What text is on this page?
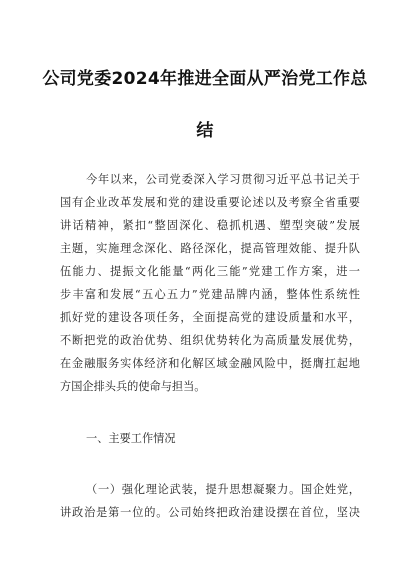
公司党委2024年推进全面从严治党工作总
结
今年以来，公司党委深入学习贯彻习近平总书记关于
国有企业改革发展和党的建设重要论述以及考察全省重要
讲话精神，紧扣“整固深化、稳抓机遇、塑型突破”发展
主题，实施理念深化、路径深化，提高管理效能、提升队
伍能力、提振文化能量“两化三能”党建工作方案，进一
步丰富和发展“五心五力”党建品牌内涵，整体性系统性
抓好党的建设各项任务，全面提高党的建设质量和水平，
不断把党的政治优势、组织优势转化为高质量发展优势，
在金融服务实体经济和化解区域金融风险中，挺膺扛起地
方国企排头兵的使命与担当。
一、主要工作情况
（一）强化理论武装，提升思想凝聚力。国企姓党，
讲政治是第一位的。公司始终把政治建设摆在首位，坚决
